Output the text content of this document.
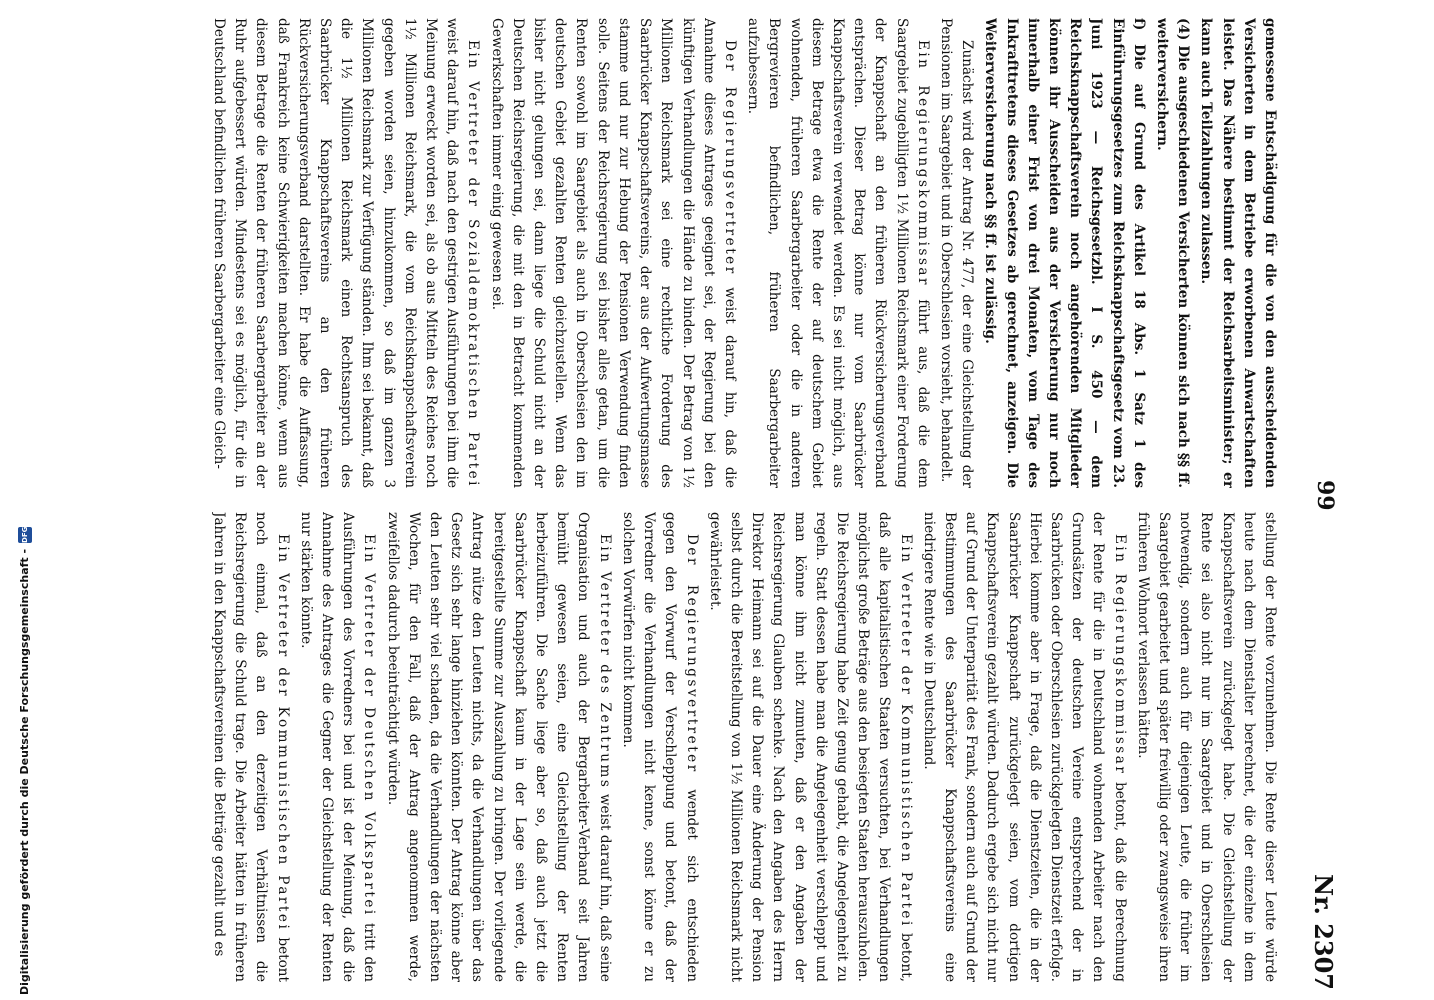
99
Nr. 2307

gemessene Entschädigung für die von den ausscheidenden Versicherten in dem Betriebe erworbenen Anwartschaften leistet. Das Nähere bestimmt der Reichsarbeitsminister; er kann auch Teilzahlungen zulassen.

(4) Die ausgeschiedenen Versicherten können sich nach §§ ff. weiterversichern.

f) Die auf Grund des Artikel 18 Abs. 1 Satz 1 des Einführungsgesetzes zum Reichsknappschaftsgesetz vom 23. Juni 1923 — Reichsgesetzbl. I S. 450 — dem Reichsknappschaftsverein noch angehörenden Mitglieder können ihr Ausscheiden aus der Versicherung nur noch innerhalb einer Frist von drei Monaten, vom Tage des Inkrafttretens dieses Gesetzes ab gerechnet, anzeigen. Die Weiterversicherung nach §§ ff. ist zulässig.

Zunächst wird der Antrag Nr. 477, der eine Gleichstellung der Pensionen im Saargebiet und in Oberschlesien vorsieht, behandelt.

Ein Regierungskommissar führt aus, daß die dem Saargebiet zugebilligten 1½ Millionen Reichsmark einer Forderung der Knappschaft an den früheren Rückversicherungsverband entsprächen. Dieser Betrag könne nur vom Saarbrücker Knappschaftsverein verwendet werden. Es sei nicht möglich, aus diesem Betrage etwa die Rente der auf deutschem Gebiet wohnenden, früheren Saarbergarbeiter oder die in anderen Bergrevieren befindlichen, früheren Saarbergarbeiter aufzubessern.

Der Regierungsvertreter weist darauf hin, daß die Annahme dieses Antrages geeignet sei, der Regierung bei den künftigen Verhandlungen die Hände zu binden. Der Betrag von 1½ Millionen Reichsmark sei eine rechtliche Forderung des Saarbrücker Knappschaftsvereins, der aus der Aufwertungsmasse stamme und nur zur Hebung der Pensionen Verwendung finden solle. Seitens der Reichsregierung sei bisher alles getan, um die Renten sowohl im Saargebiet als auch in Oberschlesien den im deutschen Gebiet gezahlten Renten gleichzustellen. Wenn das bisher nicht gelungen sei, dann liege die Schuld nicht an der Deutschen Reichsregierung, die mit den in Betracht kommenden Gewerkschaften immer einig gewesen sei.

Ein Vertreter der Sozialdemokratischen Partei weist darauf hin, daß nach den gestrigen Ausführungen bei ihm die Meinung erweckt worden sei, als ob aus Mitteln des Reiches noch 1½ Millionen Reichsmark, die vom Reichsknappschaftsverein gegeben worden seien, hinzukommen, so daß im ganzen 3 Millionen Reichsmark zur Verfügung ständen. Ihm sei bekannt, daß die 1½ Millionen Reichsmark einen Rechtsanspruch des Saarbrücker Knappschaftsvereins an den früheren Rückversicherungsverband darstellten. Er habe die Auffassung, daß Frankreich keine Schwierigkeiten machen könne, wenn aus diesem Betrage die Renten der früheren Saarbergarbeiter an der Ruhr aufgebessert würden. Mindestens sei es möglich, für die in Deutschland befindlichen früheren Saarbergarbeiter eine Gleich-

stellung der Rente vorzunehmen. Die Rente dieser Leute würde heute nach dem Dienstalter berechnet, die der einzelne in dem Knappschaftsverein zurückgelegt habe. Die Gleichstellung der Rente sei also nicht nur im Saargebiet und in Oberschlesien notwendig, sondern auch für diejenigen Leute, die früher im Saargebiet gearbeitet und später freiwillig oder zwangsweise ihren früheren Wohnort verlassen hätten.

Ein Regierungskommissar betont, daß die Berechnung der Rente für die in Deutschland wohnenden Arbeiter nach den Grundsätzen der deutschen Vereine entsprechend der in Saarbrücken oder Oberschlesien zurückgelegten Dienstzeit erfolge. Hierbei komme aber in Frage, daß die Dienstzeiten, die in der Saarbrücker Knappschaft zurückgelegt seien, vom dortigen Knappschaftsverein gezahlt würden. Dadurch ergebe sich nicht nur auf Grund der Unterparität des Frank, sondern auch auf Grund der Bestimmungen des Saarbrücker Knappschaftsvereins eine niedrigere Rente wie in Deutschland.

Ein Vertreter der Kommunistischen Partei betont, daß alle kapitalistischen Staaten versuchten, bei Verhandlungen möglichst große Beträge aus den besiegten Staaten herauszuholen. Die Reichsregierung habe Zeit genug gehabt, die Angelegenheit zu regeln. Statt dessen habe man die Angelegenheit verschleppt und man könne ihm nicht zumuten, daß er den Angaben der Reichsregierung Glauben schenke. Nach den Angaben des Herrn Direktor Heimann sei auf die Dauer eine Änderung der Pension selbst durch die Bereitstellung von 1½ Millionen Reichsmark nicht gewährleistet.

Der Regierungsvertreter wendet sich entschieden gegen den Vorwurf der Verschleppung und betont, daß der Vorredner die Verhandlungen nicht kenne, sonst könne er zu solchen Vorwürfen nicht kommen.

Ein Vertreter des Zentrums weist darauf hin, daß seine Organisation und auch der Bergarbeiter-Verband seit Jahren bemüht gewesen seien, eine Gleichstellung der Renten herbeizuführen. Die Sache liege aber so, daß auch jetzt die Saarbrücker Knappschaft kaum in der Lage sein werde, die bereitgestellte Summe zur Auszahlung zu bringen. Der vorliegende Antrag nütze den Leuten nichts, da die Verhandlungen über das Gesetz sich sehr lange hinziehen könnten. Der Antrag könne aber den Leuten sehr viel schaden, da die Verhandlungen der nächsten Wochen, für den Fall, daß der Antrag angenommen werde, zweifellos dadurch beeinträchtigt würden.

Ein Vertreter der Deutschen Volkspartei tritt den Ausführungen des Vorredners bei und ist der Meinung, daß die Annahme des Antrages die Gegner der Gleichstellung der Renten nur stärken könnte.

Ein Vertreter der Kommunistischen Partei betont noch einmal, daß an den derzeitigen Verhältnissen die Reichsregierung die Schuld trage. Die Arbeiter hätten in früheren Jahren in den Knappschaftsvereinen die Beiträge gezahlt und es

Digitalisierung gefördert durch die Deutsche Forschungsgemeinschaft -DFG
